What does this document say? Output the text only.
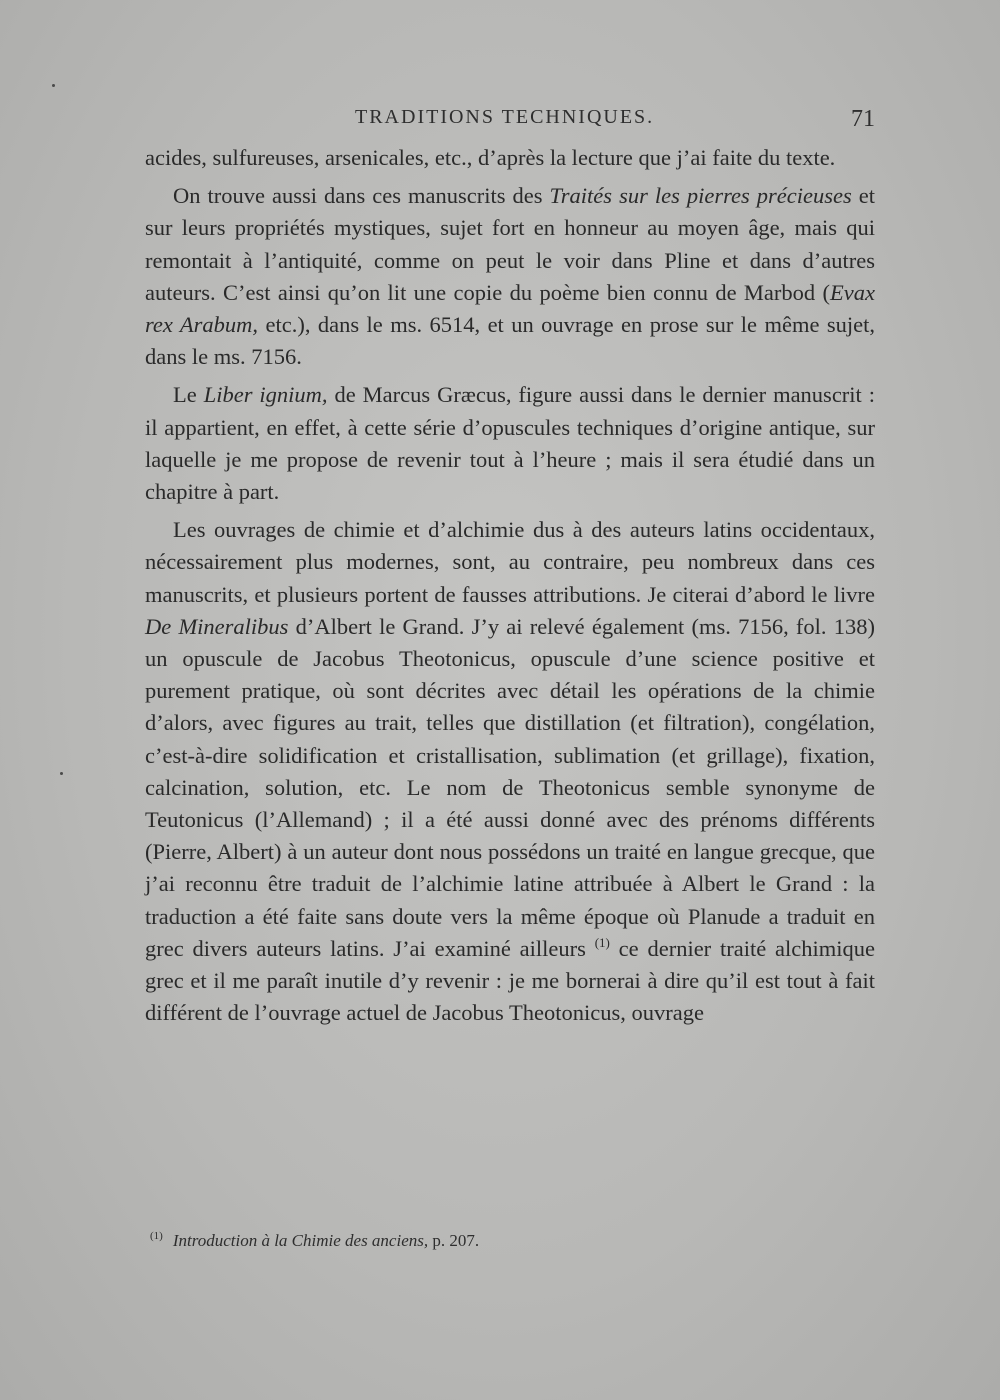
TRADITIONS TECHNIQUES.	71

acides, sulfureuses, arsenicales, etc., d’après la lecture que j’ai faite du texte.

On trouve aussi dans ces manuscrits des Traités sur les pierres précieuses et sur leurs propriétés mystiques, sujet fort en honneur au moyen âge, mais qui remontait à l’antiquité, comme on peut le voir dans Pline et dans d’autres auteurs. C’est ainsi qu’on lit une copie du poème bien connu de Marbod (Evax rex Arabum, etc.), dans le ms. 6514, et un ouvrage en prose sur le même sujet, dans le ms. 7156.

Le Liber ignium, de Marcus Græcus, figure aussi dans le dernier manuscrit : il appartient, en effet, à cette série d’opuscules techniques d’origine antique, sur laquelle je me propose de revenir tout à l’heure ; mais il sera étudié dans un chapitre à part.

Les ouvrages de chimie et d’alchimie dus à des auteurs latins occidentaux, nécessairement plus modernes, sont, au contraire, peu nombreux dans ces manuscrits, et plusieurs portent de fausses attributions. Je citerai d’abord le livre De Mineralibus d’Albert le Grand. J’y ai relevé également (ms. 7156, fol. 138) un opuscule de Jacobus Theotonicus, opuscule d’une science positive et purement pratique, où sont décrites avec détail les opérations de la chimie d’alors, avec figures au trait, telles que distillation (et filtration), congélation, c’est-à-dire solidification et cristallisation, sublimation (et grillage), fixation, calcination, solution, etc. Le nom de Theotonicus semble synonyme de Teutonicus (l’Allemand) ; il a été aussi donné avec des prénoms différents (Pierre, Albert) à un auteur dont nous possédons un traité en langue grecque, que j’ai reconnu être traduit de l’alchimie latine attribuée à Albert le Grand : la traduction a été faite sans doute vers la même époque où Planude a traduit en grec divers auteurs latins. J’ai examiné ailleurs $^{(1)}$ ce dernier traité alchimique grec et il me paraît inutile d’y revenir : je me bornerai à dire qu’il est tout à fait différent de l’ouvrage actuel de Jacobus Theotonicus, ouvrage

$^{(1)}$ Introduction à la Chimie des anciens, p. 207.
